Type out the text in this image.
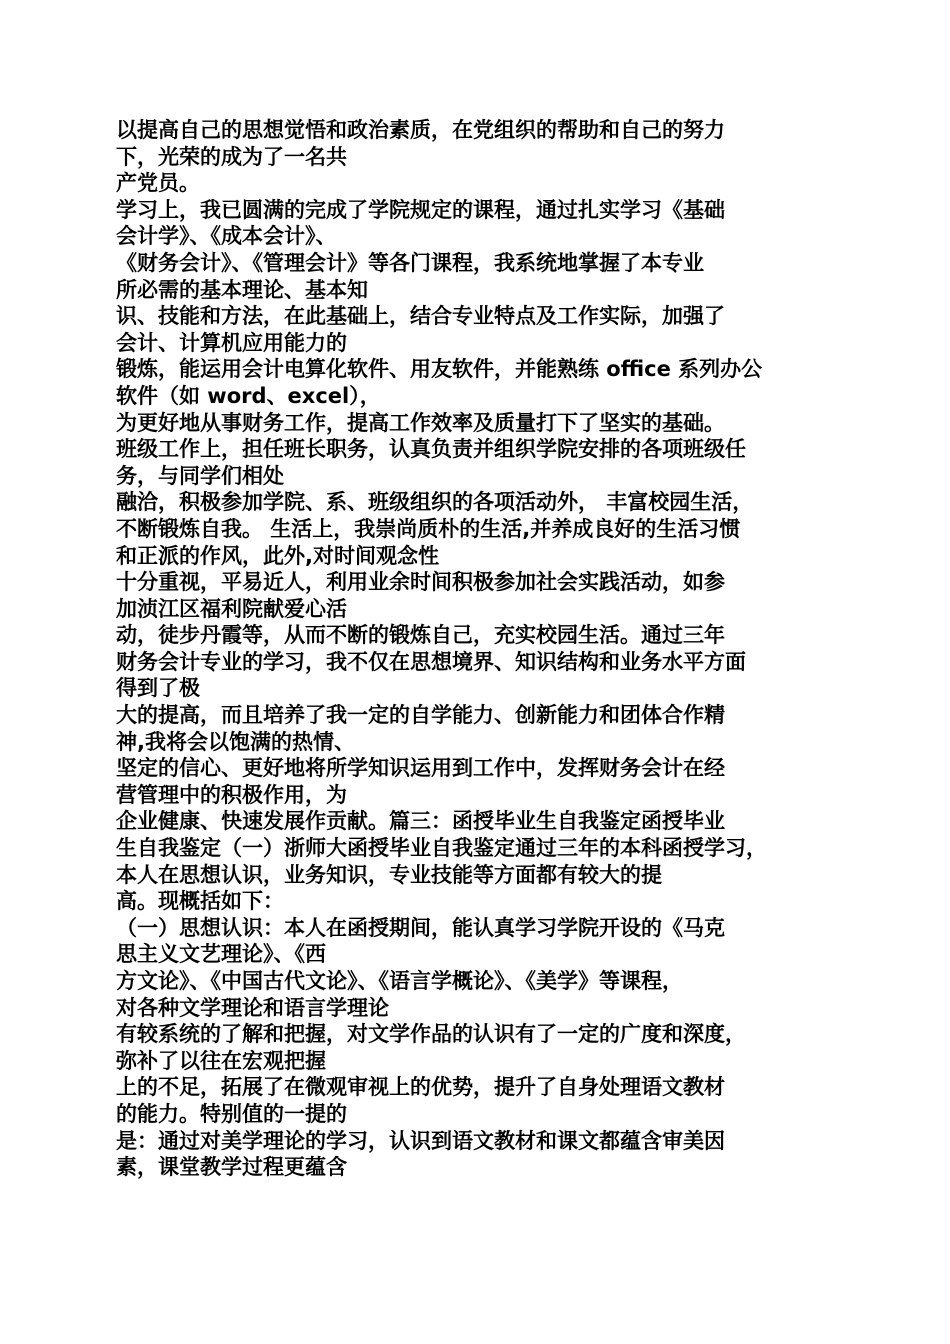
以提高自己的思想觉悟和政治素质，在党组织的帮助和自己的努力
下，光荣的成为了一名共
产党员。
学习上，我已圆满的完成了学院规定的课程，通过扎实学习《基础
会计学》、《成本会计》、
《财务会计》、《管理会计》等各门课程，我系统地掌握了本专业
所必需的基本理论、基本知
识、技能和方法，在此基础上，结合专业特点及工作实际，加强了
会计、计算机应用能力的
锻炼，能运用会计电算化软件、用友软件，并能熟练 office 系列办公
软件（如 word、excel），
为更好地从事财务工作，提高工作效率及质量打下了坚实的基础。
班级工作上，担任班长职务，认真负责并组织学院安排的各项班级任
务，与同学们相处
融洽，积极参加学院、系、班级组织的各项活动外， 丰富校园生活，
不断锻炼自我。 生活上，我崇尚质朴的生活,并养成良好的生活习惯
和正派的作风，此外,对时间观念性
十分重视，平易近人，利用业余时间积极参加社会实践活动，如参
加浈江区福利院献爱心活
动，徒步丹霞等，从而不断的锻炼自己，充实校园生活。通过三年
财务会计专业的学习，我不仅在思想境界、知识结构和业务水平方面
得到了极
大的提高，而且培养了我一定的自学能力、创新能力和团体合作精
神,我将会以饱满的热情、
坚定的信心、更好地将所学知识运用到工作中，发挥财务会计在经
营管理中的积极作用，为
企业健康、快速发展作贡献。篇三：函授毕业生自我鉴定函授毕业
生自我鉴定（一）浙师大函授毕业自我鉴定通过三年的本科函授学习，
本人在思想认识，业务知识，专业技能等方面都有较大的提
高。现概括如下：
（一）思想认识：本人在函授期间，能认真学习学院开设的《马克
思主义文艺理论》、《西
方文论》、《中国古代文论》、《语言学概论》、《美学》等课程，
对各种文学理论和语言学理论
有较系统的了解和把握，对文学作品的认识有了一定的广度和深度，
弥补了以往在宏观把握
上的不足，拓展了在微观审视上的优势，提升了自身处理语文教材
的能力。特别值的一提的
是：通过对美学理论的学习，认识到语文教材和课文都蕴含审美因
素，课堂教学过程更蕴含
